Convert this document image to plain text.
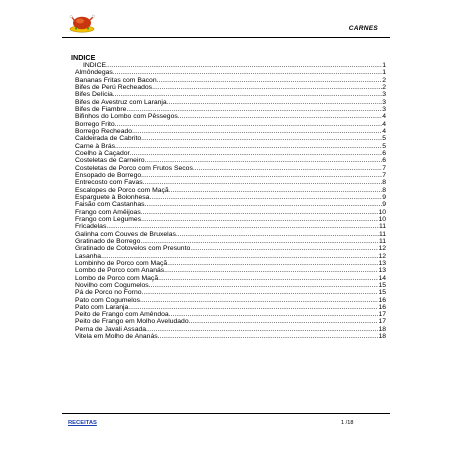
CARNES
INDICE
INDICE .....	1
Almôndegas .....	1
Bananas Fritas com Bacon .....	2
Bifes de Perú Recheados .....	2
Bifes Delícia .....	3
Bifes de Avestruz com Laranja .....	3
Bifes de Fiambre .....	3
Bifinhos do Lombo com Pêssegos .....	4
Borrego Frito .....	4
Borrego Recheado .....	4
Caldeirada de Cabrito .....	5
Carne à Brás .....	5
Coelho à Caçador .....	6
Costeletas de Carneiro .....	6
Costeletas de Porco com Frutos Secos .....	7
Ensopado de Borrego .....	7
Entrecosto com Favas .....	8
Escalopes de Porco com Maçã .....	8
Esparguete à Bolonhesa .....	9
Faisão com Castanhas .....	9
Frango com Amêijoas .....	10
Frango com Legumes .....	10
Fricadelas .....	11
Galinha com Couves de Bruxelas .....	11
Gratinado de Borrego .....	11
Gratinado de Cotovelos com Presunto .....	12
Lasanha .....	12
Lombinho de Porco com Maçã .....	13
Lombo de Porco com Ananás .....	13
Lombo de Porco com Maçã .....	14
Novilho com Cogumelos .....	15
Pá de Porco no Forno .....	15
Pato com Cogumelos .....	16
Pato com Laranja .....	16
Peito de Frango com Amêndoa .....	17
Peito de Frango em Molho Aveludado .....	17
Perna de Javali Assada .....	18
Vitela em Molho de Ananás .....	18
RECEITAS	1 /18
